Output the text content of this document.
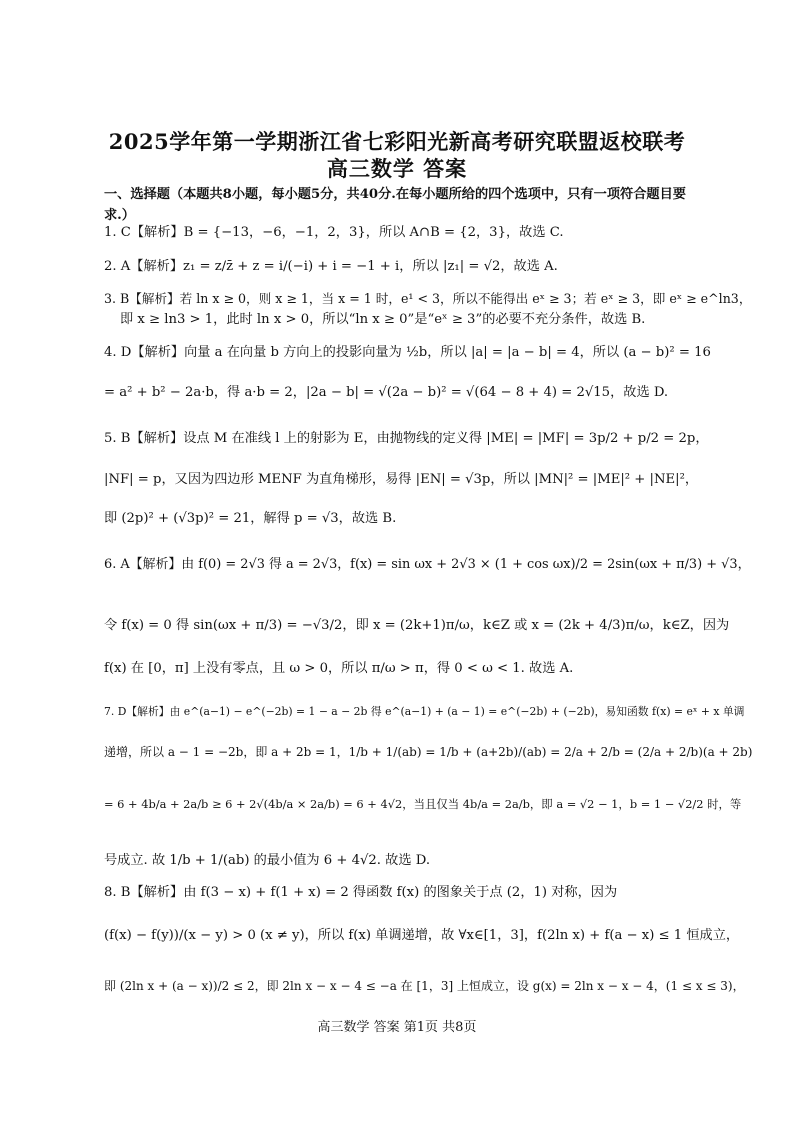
2025学年第一学期浙江省七彩阳光新高考研究联盟返校联考
高三数学 答案
一、选择题（本题共8小题，每小题5分，共40分.在每小题所给的四个选项中，只有一项符合题目要求.）
1. C【解析】B = {−13，−6，−1，2，3}，所以 A∩B = {2，3}，故选 C.
2. A【解析】z₁ = z/z̄ + z = i/(−i) + i = −1 + i，所以 |z₁| = √2，故选 A.
3. B【解析】若 ln x ≥ 0，则 x ≥ 1，当 x = 1 时，e¹ < 3，所以不能得出 eˣ ≥ 3；若 eˣ ≥ 3，即 eˣ ≥ e^ln3，
即 x ≥ ln3 > 1，此时 ln x > 0，所以“ln x ≥ 0”是“eˣ ≥ 3”的必要不充分条件，故选 B.
4. D【解析】向量 a 在向量 b 方向上的投影向量为 ½b，所以 |a| = |a − b| = 4，所以 (a − b)² = 16
= a² + b² − 2a·b，得 a·b = 2，|2a − b| = √(2a − b)² = √(64 − 8 + 4) = 2√15，故选 D.
5. B【解析】设点 M 在准线 l 上的射影为 E，由抛物线的定义得 |ME| = |MF| = 3p/2 + p/2 = 2p，
|NF| = p，又因为四边形 MENF 为直角梯形，易得 |EN| = √3p，所以 |MN|² = |ME|² + |NE|²，
即 (2p)² + (√3p)² = 21，解得 p = √3，故选 B.
6. A【解析】由 f(0) = 2√3 得 a = 2√3，f(x) = sin ωx + 2√3 × (1 + cos ωx)/2 = 2sin(ωx + π/3) + √3，
令 f(x) = 0 得 sin(ωx + π/3) = −√3/2，即 x = (2k+1)π/ω，k∈Z 或 x = (2k + 4/3)π/ω，k∈Z，因为
f(x) 在 [0，π] 上没有零点，且 ω > 0，所以 π/ω > π，得 0 < ω < 1. 故选 A.
7. D【解析】由 e^(a−1) − e^(−2b) = 1 − a − 2b 得 e^(a−1) + (a − 1) = e^(−2b) + (−2b)，易知函数 f(x) = eˣ + x 单调
递增，所以 a − 1 = −2b，即 a + 2b = 1，1/b + 1/(ab) = 1/b + (a+2b)/(ab) = 2/a + 2/b = (2/a + 2/b)(a + 2b)
= 6 + 4b/a + 2a/b ≥ 6 + 2√(4b/a × 2a/b) = 6 + 4√2，当且仅当 4b/a = 2a/b，即 a = √2 − 1，b = 1 − √2/2 时，等
号成立. 故 1/b + 1/(ab) 的最小值为 6 + 4√2. 故选 D.
8. B【解析】由 f(3 − x) + f(1 + x) = 2 得函数 f(x) 的图象关于点 (2，1) 对称，因为
(f(x) − f(y))/(x − y) > 0 (x ≠ y)，所以 f(x) 单调递增，故 ∀x∈[1，3]，f(2ln x) + f(a − x) ≤ 1 恒成立，
即 (2ln x + (a − x))/2 ≤ 2，即 2ln x − x − 4 ≤ −a 在 [1，3] 上恒成立，设 g(x) = 2ln x − x − 4，(1 ≤ x ≤ 3)，
高三数学 答案 第1页 共8页
